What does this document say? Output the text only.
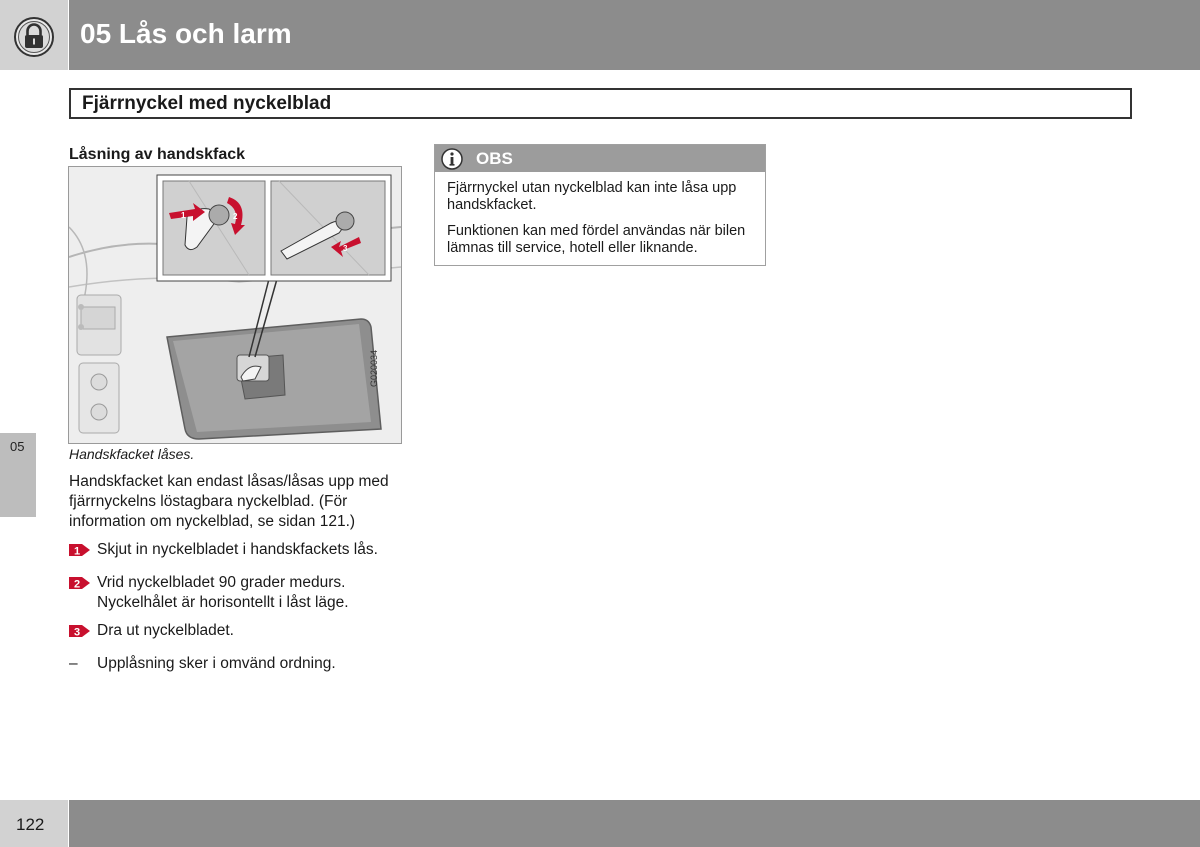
05 Lås och larm
05
Fjärrnyckel med nyckelblad
Låsning av handskfack
1	2
3
G020034
Handskfacket låses.
Handskfacket kan endast låsas/låsas upp med fjärrnyckelns löstagbara nyckelblad. (För information om nyckelblad, se sidan 121.)
1 Skjut in nyckelbladet i handskfackets lås.
2 Vrid nyckelbladet 90 grader medurs. Nyckelhålet är horisontellt i låst läge.
3 Dra ut nyckelbladet.
– Upplåsning sker i omvänd ordning.
OBS
Fjärrnyckel utan nyckelblad kan inte låsa upp handskfacket.
Funktionen kan med fördel användas när bilen lämnas till service, hotell eller liknande.
122
